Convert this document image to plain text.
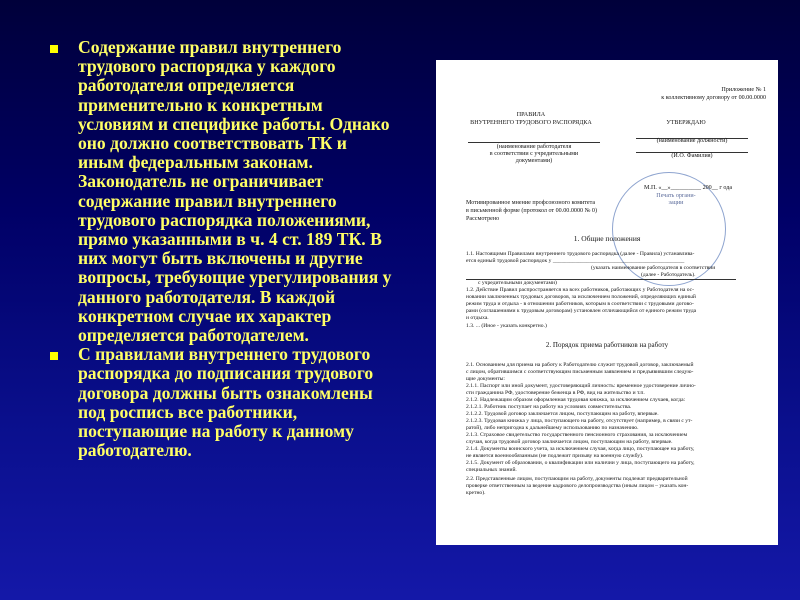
Содержание правил внутреннего трудового распорядка у каждого работодателя определяется применительно к конкретным условиям и специфике работы. Однако оно должно соответствовать ТК и иным федеральным законам. Законодатель не ограничивает содержание правил внутреннего трудового распорядка положениями, прямо указанными в ч. 4 ст. 189 ТК. В них могут быть включены и другие вопросы, требующие урегулирования у данного работодателя. В каждой конкретном случае их характер определяется работодателем.
С правилами внутреннего трудового распорядка до подписания трудового договора должны быть ознакомлены под роспись все работники, поступающие на работу к данному работодателю.
Приложение № 1
к коллективному договору от 00.00.0000
ПРАВИЛА
ВНУТРЕННЕГО ТРУДОВОГО РАСПОРЯДКА	УТВЕРЖДАЮ
(наименование работодателя
в соответствии с учредительными
документами)
(наименование должности)
(И.О. Фамилия)
М.П. «__»__________ 200__ г ода
Печать органи-
зации
Мотивированное мнение профсоюзного комитета
в письменной форме (протокол от 00.00.0000 № 0)
Рассмотрено
1. Общие положения
1.1. Настоящими Правилами внутреннего трудового распорядка (далее - Правила) устанавлива-
ется единый трудовой распорядок у _______________________________________________
(указать наименование работодателя в соответствии
(далее - Работодатель).
с учредительными документами)
1.2. Действие Правил распространяется на всех работников, работающих у Работодателя на ос-
новании заключенных трудовых договоров, за исключением положений, определяющих единый
режим труда и отдыха - в отношении работников, которым в соответствии с трудовыми догово-
рами (соглашениями к трудовым договорам) установлен отличающийся от единого режим труда
и отдыха.
1.3. ... (Иное - указать конкретно.)
2. Порядок приема работников на работу
2.1. Основанием для приема на работу к Работодателю служит трудовой договор, заключаемый
с лицом, обратившимся с соответствующим письменным заявлением и предъявившим следую-
щие документы:
2.1.1. Паспорт или иной документ, удостоверяющий личность: временное удостоверение лично-
сти гражданина РФ, удостоверение беженца в РФ, вид на жительство и т.п.
2.1.2. Надлежащим образом оформленная трудовая книжка, за исключением случаев, когда:
2.1.2.1. Работник поступает на работу на условиях совместительства.
2.1.2.2. Трудовой договор заключается лицом, поступающим на работу, впервые.
2.1.2.3. Трудовая книжка у лица, поступающего на работу, отсутствует (например, в связи с ут-
ратой), либо непригодна к дальнейшему использованию по назначению.
2.1.3. Страховое свидетельство государственного пенсионного страхования, за исключением
случая, когда трудовой договор заключается лицом, поступающим на работу, впервые.
2.1.4. Документы воинского учета, за исключением случая, когда лицо, поступающее на работу,
не является военнообязанным (не подлежит призыву на военную службу).
2.1.5. Документ об образовании, о квалификации или наличии у лица, поступающего на работу,
специальных знаний.
2.2. Представленные лицом, поступающим на работу, документы подлежат предварительной
проверке ответственным за ведение кадрового делопроизводства (иным лицом – указать кон-
кретно).
